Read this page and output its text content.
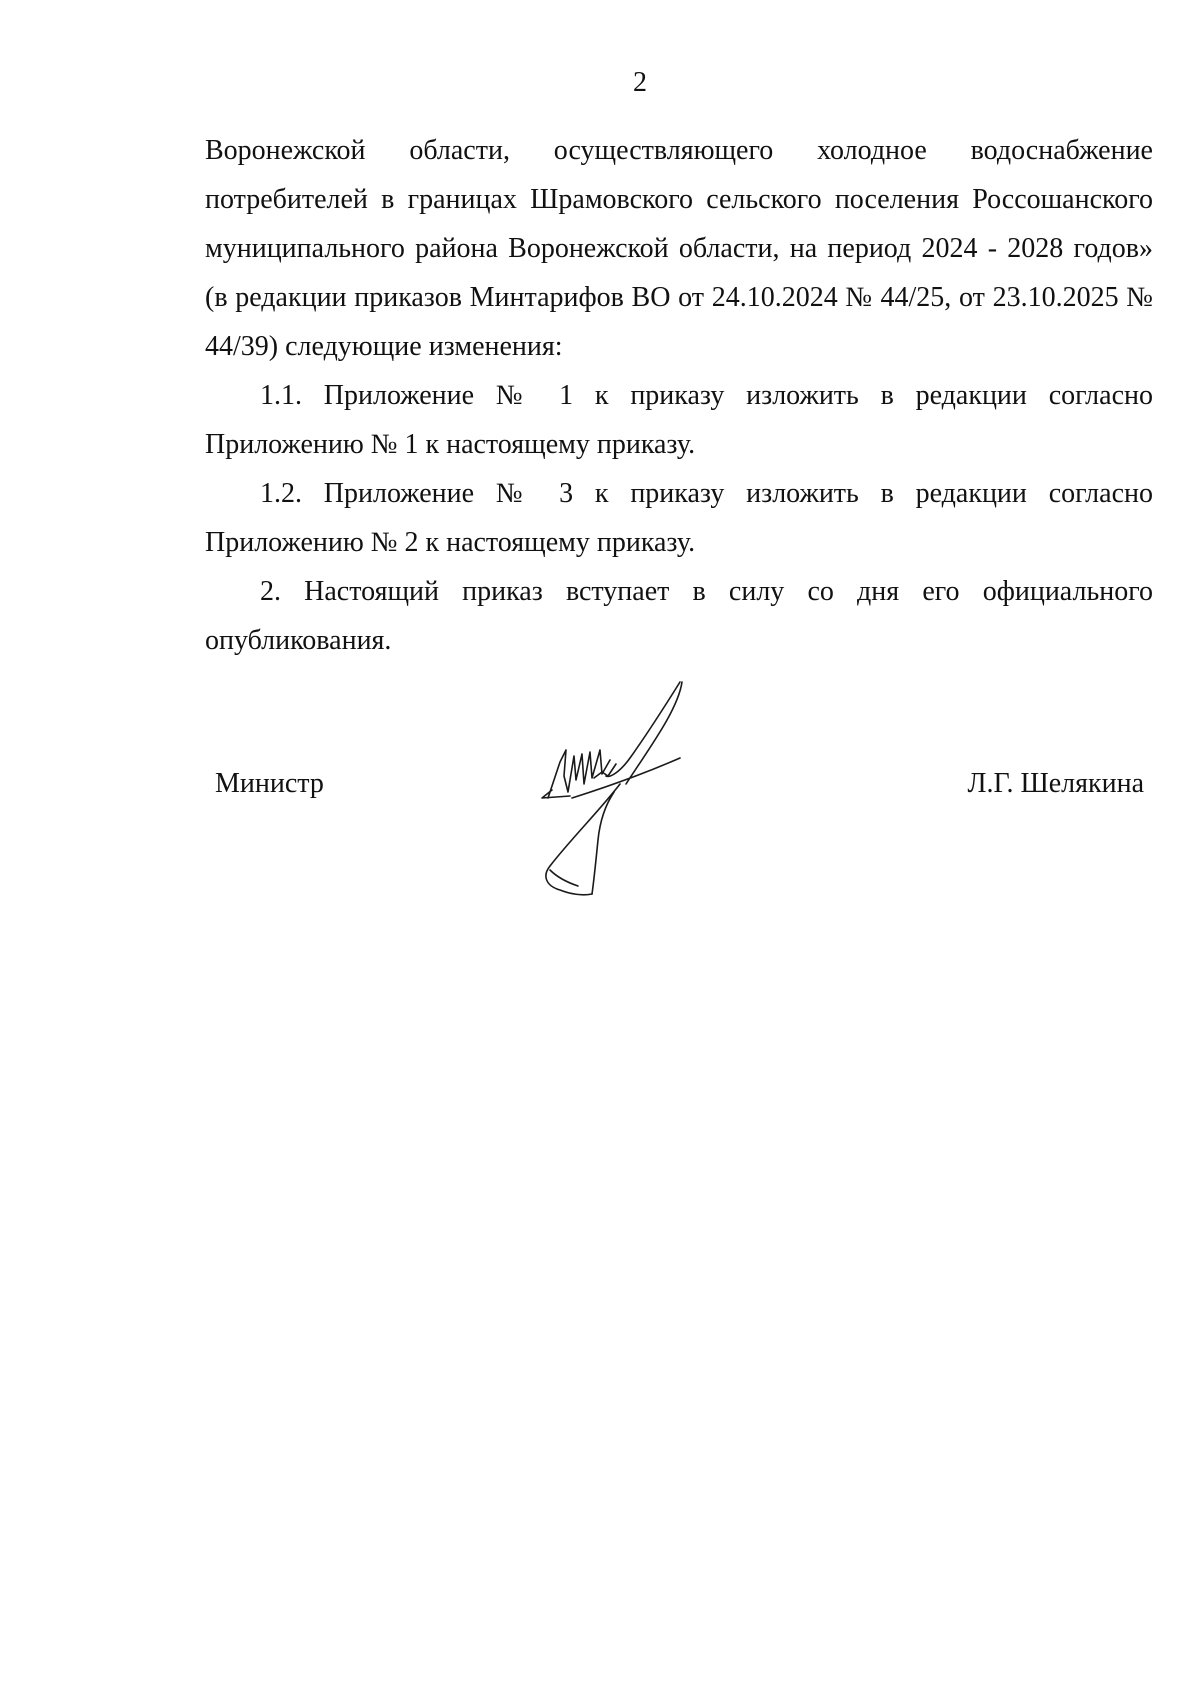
2

Воронежской области, осуществляющего холодное водоснабжение потребителей в границах Шрамовского сельского поселения Россошанского муниципального района Воронежской области, на период 2024 - 2028 годов» (в редакции приказов Минтарифов ВО от 24.10.2024 № 44/25, от 23.10.2025 № 44/39) следующие изменения:

1.1. Приложение № 1 к приказу изложить в редакции согласно Приложению № 1 к настоящему приказу.

1.2. Приложение № 3 к приказу изложить в редакции согласно Приложению № 2 к настоящему приказу.

2. Настоящий приказ вступает в силу со дня его официального опубликования.

Министр	Л.Г. Шелякина
